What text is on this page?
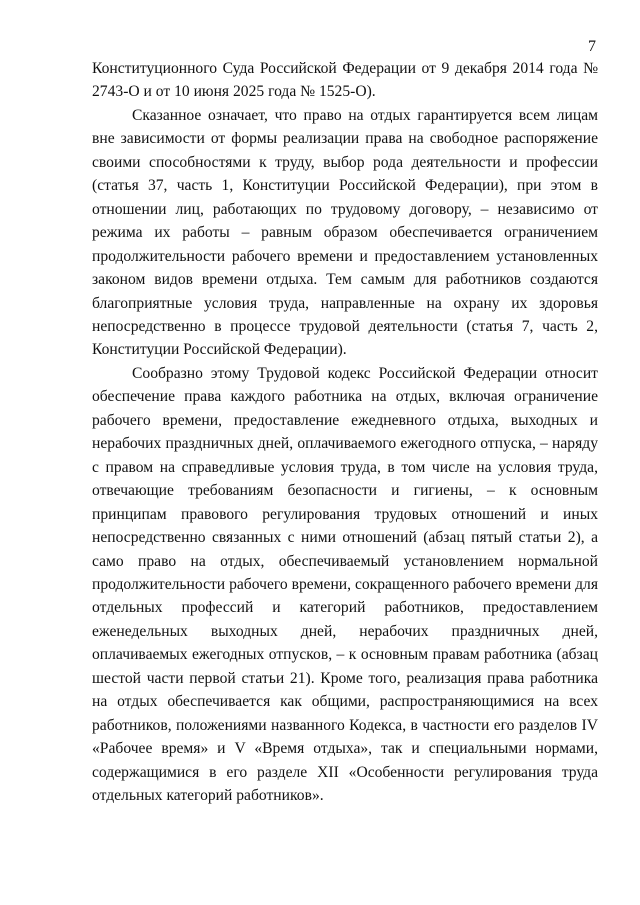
7

Конституционного Суда Российской Федерации от 9 декабря 2014 года № 2743-О и от 10 июня 2025 года № 1525-О).

Сказанное означает, что право на отдых гарантируется всем лицам вне зависимости от формы реализации права на свободное распоряжение своими способностями к труду, выбор рода деятельности и профессии (статья 37, часть 1, Конституции Российской Федерации), при этом в отношении лиц, работающих по трудовому договору, – независимо от режима их работы – равным образом обеспечивается ограничением продолжительности рабочего времени и предоставлением установленных законом видов времени отдыха. Тем самым для работников создаются благоприятные условия труда, направленные на охрану их здоровья непосредственно в процессе трудовой деятельности (статья 7, часть 2, Конституции Российской Федерации).

Сообразно этому Трудовой кодекс Российской Федерации относит обеспечение права каждого работника на отдых, включая ограничение рабочего времени, предоставление ежедневного отдыха, выходных и нерабочих праздничных дней, оплачиваемого ежегодного отпуска, – наряду с правом на справедливые условия труда, в том числе на условия труда, отвечающие требованиям безопасности и гигиены, – к основным принципам правового регулирования трудовых отношений и иных непосредственно связанных с ними отношений (абзац пятый статьи 2), а само право на отдых, обеспечиваемый установлением нормальной продолжительности рабочего времени, сокращенного рабочего времени для отдельных профессий и категорий работников, предоставлением еженедельных выходных дней, нерабочих праздничных дней, оплачиваемых ежегодных отпусков, – к основным правам работника (абзац шестой части первой статьи 21). Кроме того, реализация права работника на отдых обеспечивается как общими, распространяющимися на всех работников, положениями названного Кодекса, в частности его разделов IV «Рабочее время» и V «Время отдыха», так и специальными нормами, содержащимися в его разделе XII «Особенности регулирования труда отдельных категорий работников».
